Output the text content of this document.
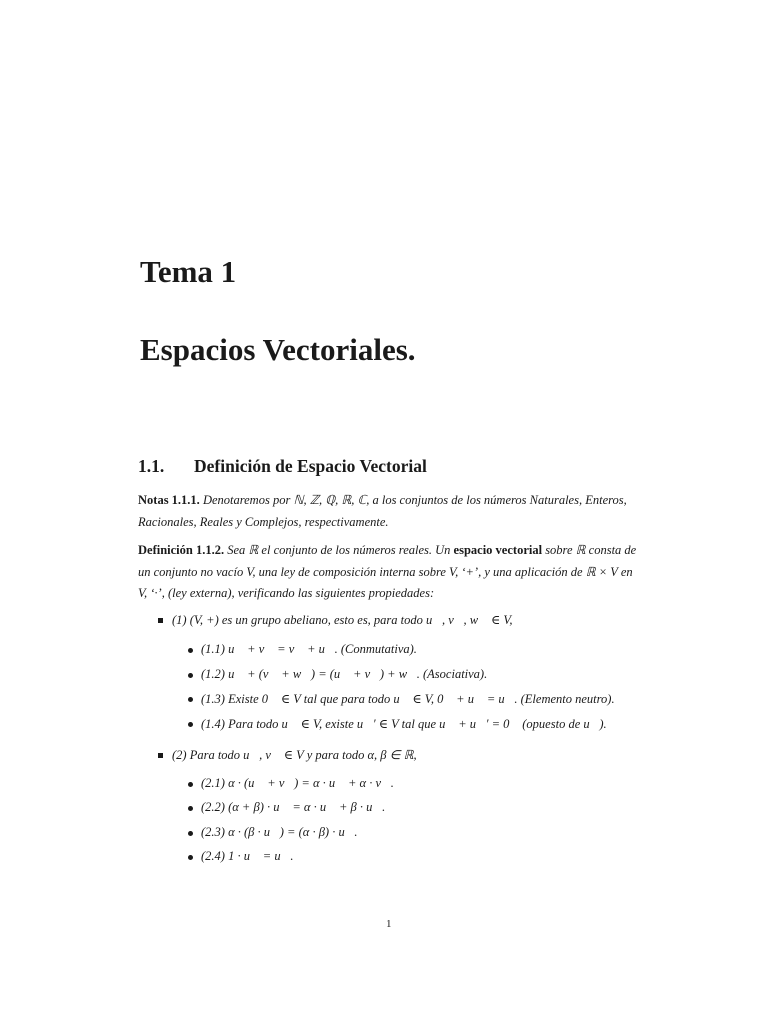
Tema 1
Espacios Vectoriales.
1.1. Definición de Espacio Vectorial
Notas 1.1.1. Denotaremos por ℕ, ℤ, ℚ, ℝ, ℂ, a los conjuntos de los números Naturales, Enteros, Racionales, Reales y Complejos, respectivamente.
Definición 1.1.2. Sea ℝ el conjunto de los números reales. Un espacio vectorial sobre ℝ consta de un conjunto no vacío V, una ley de composición interna sobre V, ‘+’, y una aplicación de ℝ × V en V, ‘·’, (ley externa), verificando las siguientes propiedades:
(1) (V, +) es un grupo abeliano, esto es, para todo u⃗, v⃗, w⃗ ∈ V,
(1.1) u⃗ + v⃗ = v⃗ + u⃗. (Conmutativa).
(1.2) u⃗ + (v⃗ + w⃗) = (u⃗ + v⃗) + w⃗. (Asociativa).
(1.3) Existe 0⃗ ∈ V tal que para todo u⃗ ∈ V, 0⃗ + u⃗ = u⃗. (Elemento neutro).
(1.4) Para todo u⃗ ∈ V, existe u⃗′ ∈ V tal que u⃗ + u⃗′ = 0⃗ (opuesto de u⃗).
(2) Para todo u⃗, v⃗ ∈ V y para todo α, β ∈ ℝ,
(2.1) α · (u⃗ + v⃗) = α · u⃗ + α · v⃗.
(2.2) (α + β) · u⃗ = α · u⃗ + β · u⃗.
(2.3) α · (β · u⃗) = (α · β) · u⃗.
(2.4) 1 · u⃗ = u⃗.
1
